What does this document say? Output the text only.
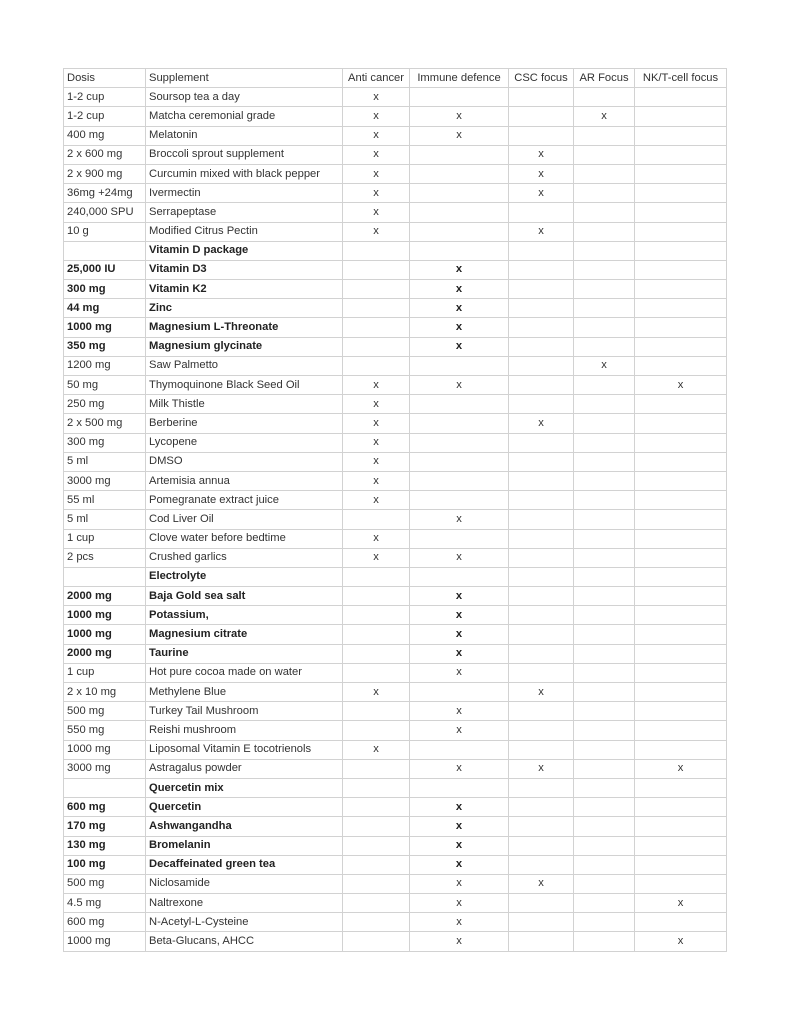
Dosis	Supplement	Anti cancer	Immune defence	CSC focus	AR Focus	NK/T-cell focus
1-2 cup	Soursop tea a day	x				
1-2 cup	Matcha ceremonial grade	x	x		x	
400 mg	Melatonin	x	x			
2 x 600 mg	Broccoli sprout supplement	x		x		
2 x 900 mg	Curcumin mixed with black pepper	x		x		
36mg +24mg	Ivermectin	x		x		
240,000 SPU	Serrapeptase	x				
10 g	Modified Citrus Pectin	x		x		
	Vitamin D package					
25,000 IU	Vitamin D3		x			
300 mg	Vitamin K2		x			
44 mg	Zinc		x			
1000 mg	Magnesium L-Threonate		x			
350 mg	Magnesium glycinate		x			
1200 mg	Saw Palmetto				x	
50 mg	Thymoquinone Black Seed Oil	x	x			x
250 mg	Milk Thistle	x				
2 x 500 mg	Berberine	x		x		
300 mg	Lycopene	x				
5 ml	DMSO	x				
3000 mg	Artemisia annua	x				
55 ml	Pomegranate extract juice	x				
5 ml	Cod Liver Oil		x			
1 cup	Clove water before bedtime	x				
2 pcs	Crushed garlics	x	x			
	Electrolyte					
2000 mg	Baja Gold sea salt		x			
1000 mg	Potassium,		x			
1000 mg	Magnesium citrate		x			
2000 mg	Taurine		x			
1 cup	Hot pure cocoa made on water		x			
2 x 10 mg	Methylene Blue	x		x		
500 mg	Turkey Tail Mushroom		x			
550 mg	Reishi mushroom		x			
1000 mg	Liposomal Vitamin E tocotrienols	x				
3000 mg	Astragalus powder		x	x		x
	Quercetin mix					
600 mg	Quercetin		x			
170 mg	Ashwangandha		x			
130 mg	Bromelanin		x			
100 mg	Decaffeinated green tea		x			
500 mg	Niclosamide		x	x		
4.5 mg	Naltrexone		x			x
600 mg	N-Acetyl-L-Cysteine		x			
1000 mg	Beta-Glucans, AHCC		x			x
